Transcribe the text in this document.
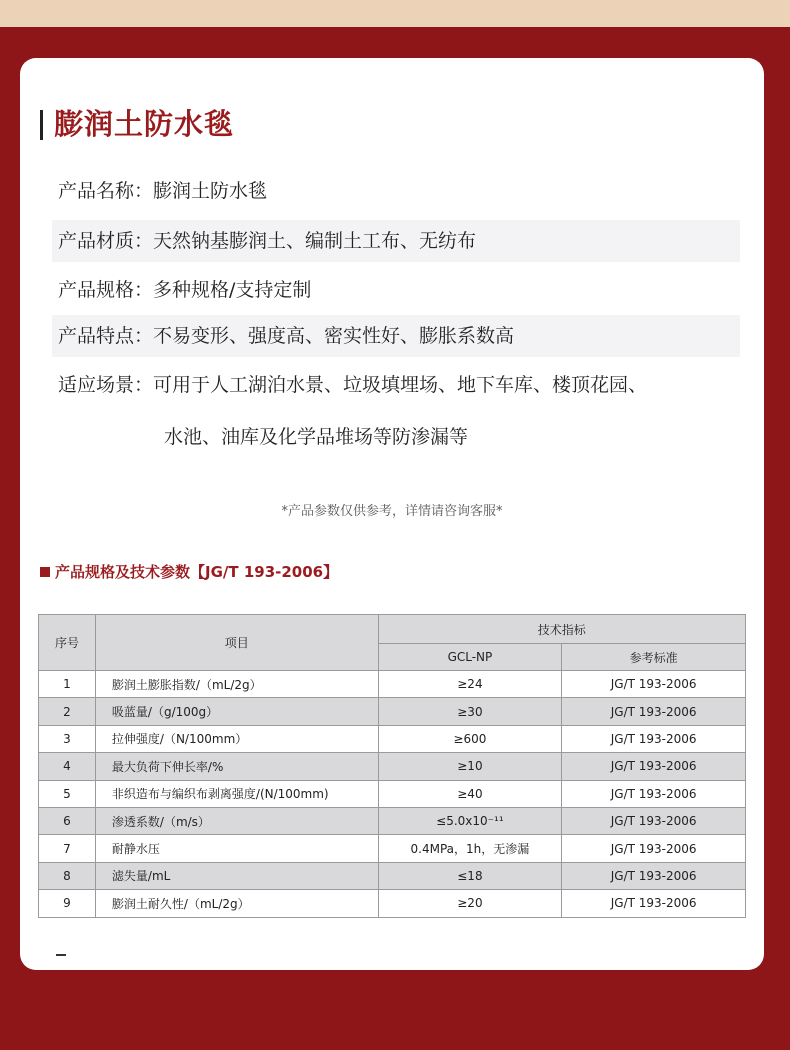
膨润土防水毯
产品名称：膨润土防水毯
产品材质：天然钠基膨润土、编制土工布、无纺布
产品规格：多种规格/支持定制
产品特点：不易变形、强度高、密实性好、膨胀系数高
适应场景：可用于人工湖泊水景、垃圾填埋场、地下车库、楼顶花园、
水池、油库及化学品堆场等防渗漏等
*产品参数仅供参考，详情请咨询客服*
产品规格及技术参数【JG/T 193-2006】
序号	项目	技术指标	
		GCL-NP	参考标准
1	膨润土膨胀指数/（mL/2g）	≥24	JG/T 193-2006
2	吸蓝量/（g/100g）	≥30	JG/T 193-2006
3	拉伸强度/（N/100mm）	≥600	JG/T 193-2006
4	最大负荷下伸长率/%	≥10	JG/T 193-2006
5	非织造布与编织布剥离强度/(N/100mm)	≥40	JG/T 193-2006
6	渗透系数/（m/s）	≤5.0x10⁻¹¹	JG/T 193-2006
7	耐静水压	0.4MPa，1h，无渗漏	JG/T 193-2006
8	滤失量/mL	≤18	JG/T 193-2006
9	膨润土耐久性/（mL/2g）	≥20	JG/T 193-2006
